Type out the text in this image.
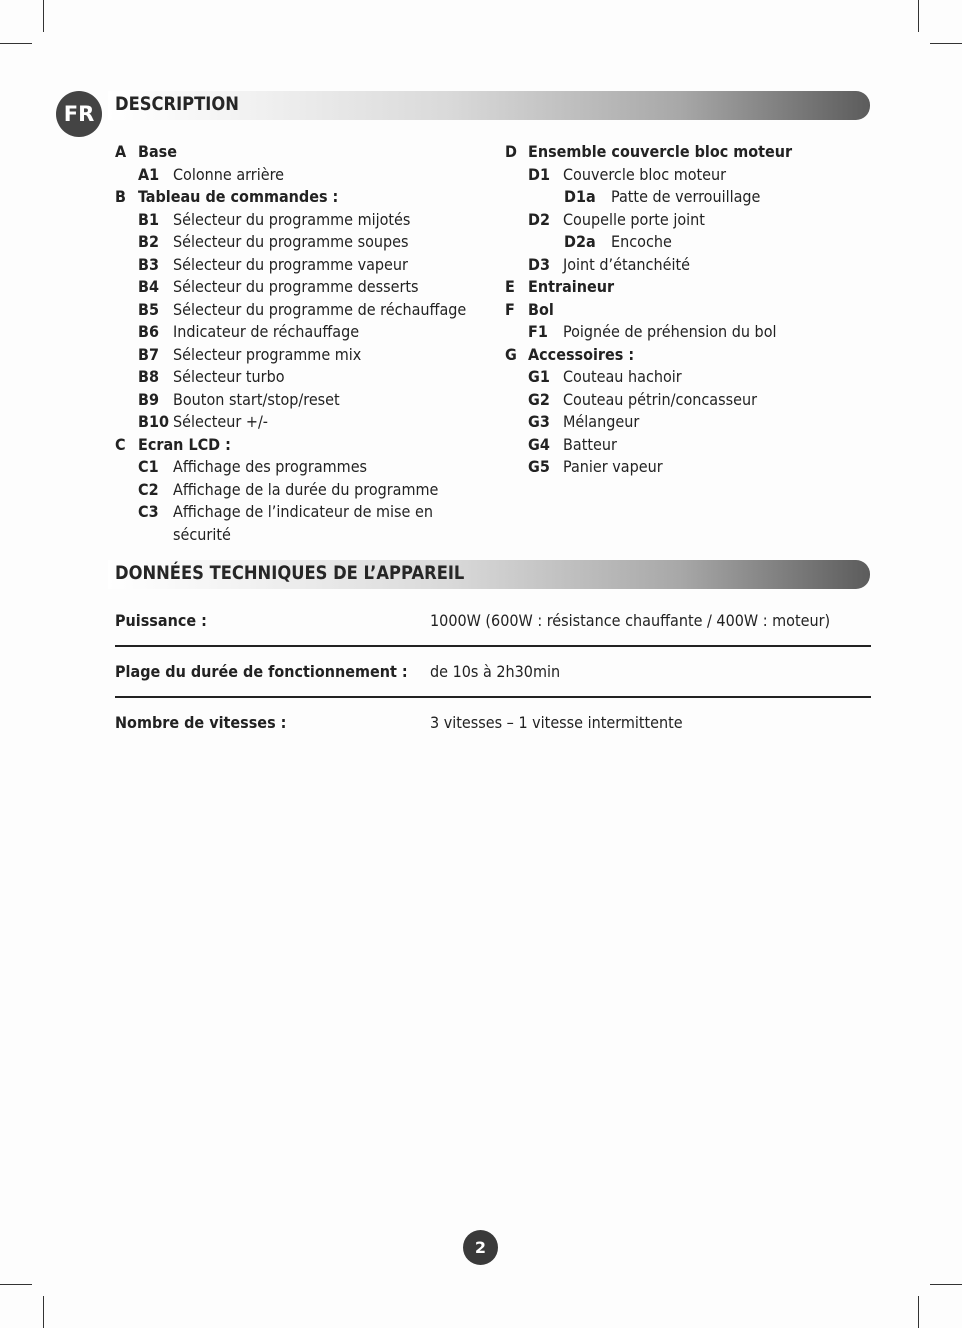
FR	DESCRIPTION
A Base
A1 Colonne arrière
B Tableau de commandes :
B1 Sélecteur du programme mijotés
B2 Sélecteur du programme soupes
B3 Sélecteur du programme vapeur
B4 Sélecteur du programme desserts
B5 Sélecteur du programme de réchauffage
B6 Indicateur de réchauffage
B7 Sélecteur programme mix
B8 Sélecteur turbo
B9 Bouton start/stop/reset
B10 Sélecteur +/-
C Ecran LCD :
C1 Affichage des programmes
C2 Affichage de la durée du programme
C3 Affichage de l’indicateur de mise en sécurité
D Ensemble couvercle bloc moteur
D1 Couvercle bloc moteur
D1a Patte de verrouillage
D2 Coupelle porte joint
D2a Encoche
D3 Joint d’étanchéité
E Entraineur
F Bol
F1 Poignée de préhension du bol
G Accessoires :
G1 Couteau hachoir
G2 Couteau pétrin/concasseur
G3 Mélangeur
G4 Batteur
G5 Panier vapeur
DONNÉES TECHNIQUES DE L’APPAREIL
Puissance :	1000W (600W : résistance chauffante / 400W : moteur)
Plage du durée de fonctionnement :	de 10s à 2h30min
Nombre de vitesses :	3 vitesses – 1 vitesse intermittente
2
